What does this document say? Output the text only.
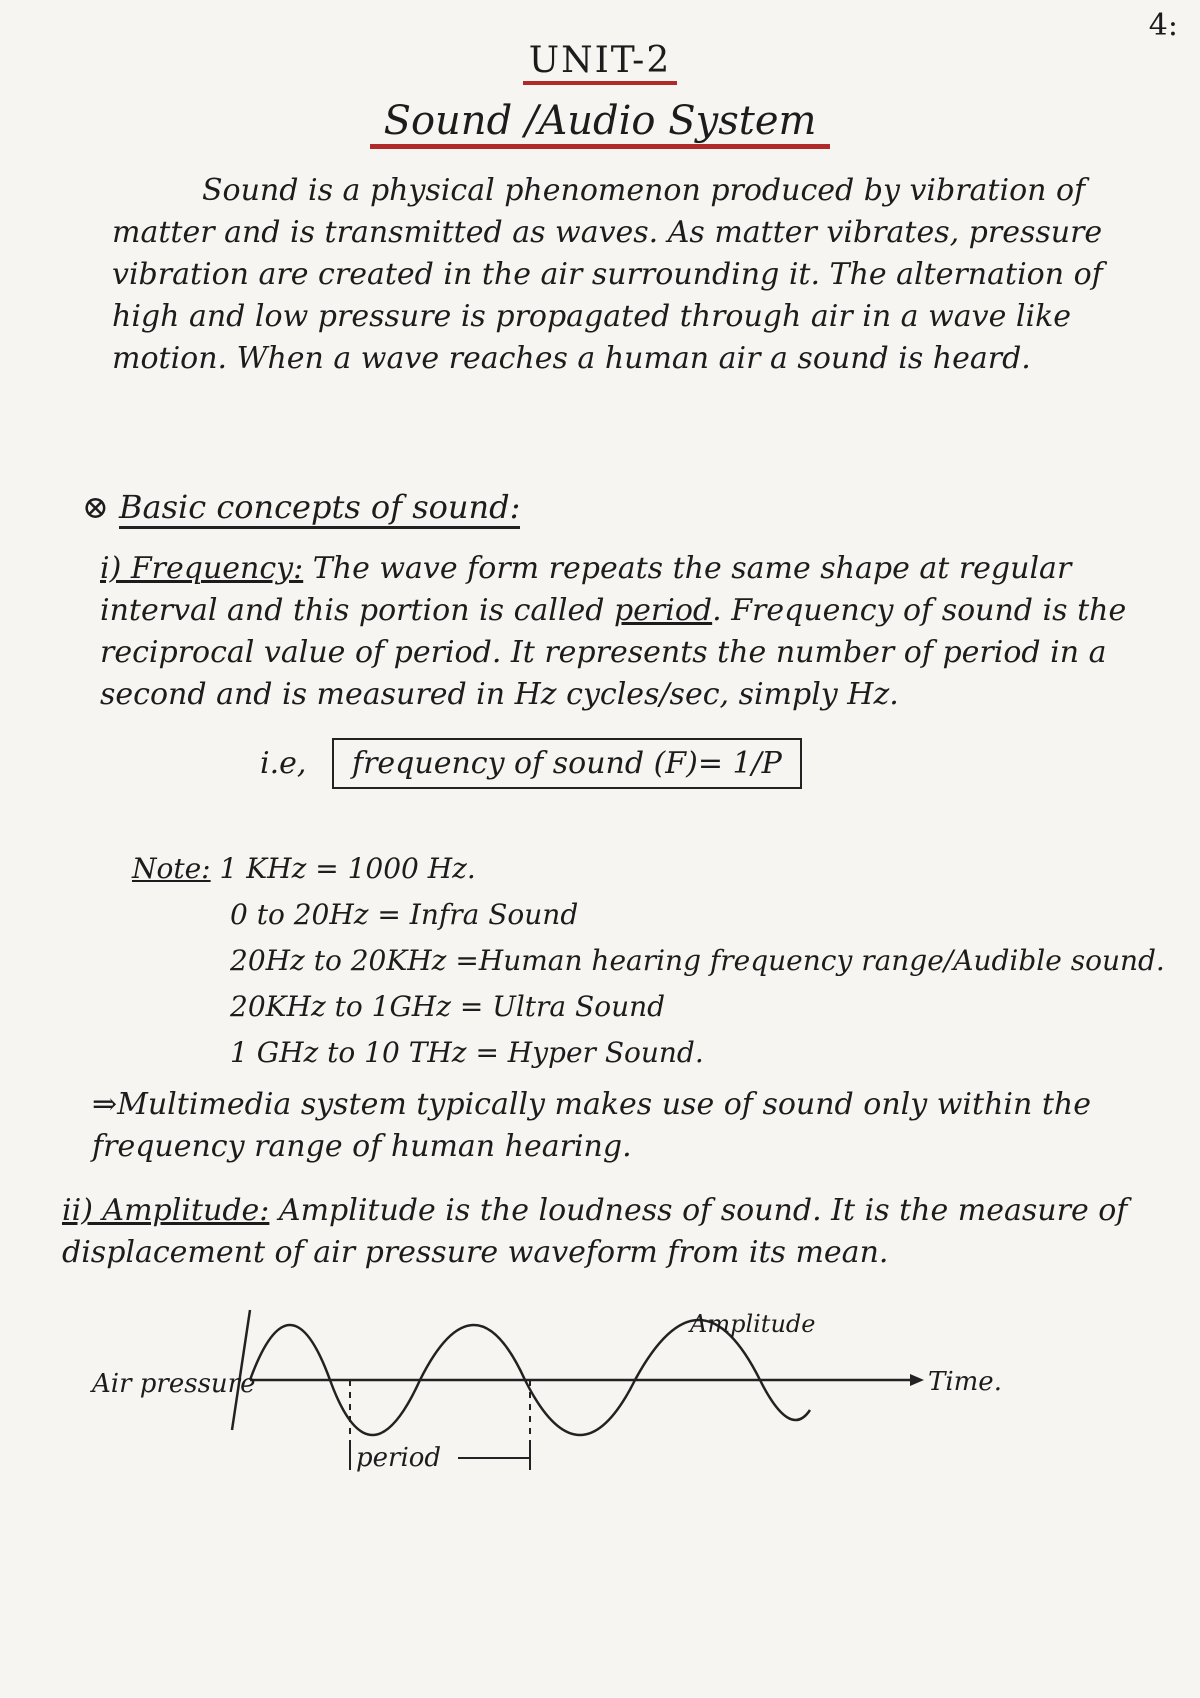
4:
UNIT-2
Sound /Audio System
Sound is a physical phenomenon produced by vibration of matter and is transmitted as waves. As matter vibrates, pressure vibration are created in the air surrounding it. The alternation of high and low pressure is propagated through air in a wave like motion. When a wave reaches a human air a sound is heard.
⊗ Basic concepts of sound:
i) Frequency: The wave form repeats the same shape at regular interval and this portion is called period. Frequency of sound is the reciprocal value of period. It represents the number of period in a second and is measured in Hz cycles/sec, simply Hz.
i.e, frequency of sound (F)= 1/P
Note: 1 KHz = 1000 Hz.
0 to 20Hz = Infra Sound
20Hz to 20KHz =Human hearing frequency range/Audible sound.
20KHz to 1GHz = Ultra Sound
1 GHz to 10 THz = Hyper Sound.
⇒Multimedia system typically makes use of sound only within the frequency range of human hearing.
ii) Amplitude: Amplitude is the loudness of sound. It is the measure of displacement of air pressure waveform from its mean.
period
Air pressure	Time.
Amplitude
